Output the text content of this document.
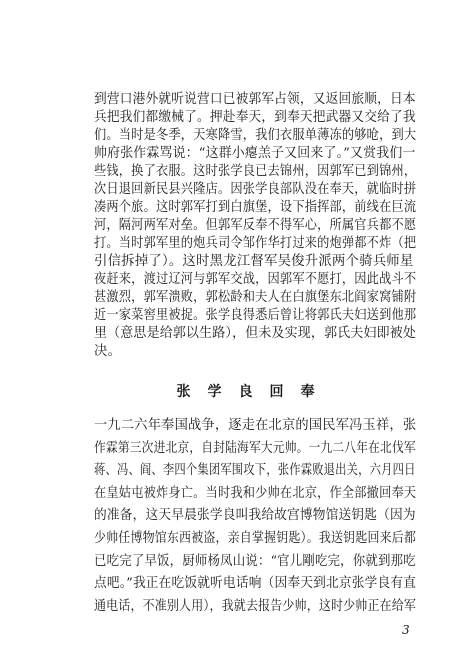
到营口港外就听说营口已被郭军占领，又返回旅顺，日本
兵把我们都缴械了。押赴奉天，到奉天把武器又交给了我
们。当时是冬季，天寒降雪，我们衣服单薄冻的够呛，到大
帅府张作霖骂说：“这群小瘪羔子又回来了。”又赏我们一
些钱，换了衣服。这时张学良已去锦州，因郭军已到锦州，
次日退回新民县兴隆店。因张学良部队没在奉天，就临时拼
凑两个旅。这时郭军打到白旗堡，设下指挥部，前线在巨流
河，隔河两军对垒。但郭军反奉不得军心，所属官兵都不愿
打。当时郭军里的炮兵司令邹作华打过来的炮弹都不炸（把
引信拆掉了）。这时黑龙江督军吴俊升派两个骑兵师星
夜赶来，渡过辽河与郭军交战，因郭军不愿打，因此战斗不
甚激烈，郭军溃败，郭松龄和夫人在白旗堡东北阎家窝铺附
近一家菜窖里被捉。张学良得悉后曾让将郭氏夫妇送到他那
里（意思是给郭以生路），但未及实现，郭氏夫妇即被处
决。
张学良回奉
一九二六年奉国战争，逐走在北京的国民军冯玉祥，张
作霖第三次进北京，自封陆海军大元帅。一九二八年在北伐军
蒋、冯、阎、李四个集团军围攻下，张作霖败退出关，六月四日
在皇姑屯被炸身亡。当时我和少帅在北京，作全部撤回奉天
的准备，这天早晨张学良叫我给故宫博物馆送钥匙（因为
少帅任博物馆东西被盗，亲自掌握钥匙）。我送钥匙回来后都
已吃完了早饭，厨师杨凤山说：“官儿剛吃完，你就到那吃
点吧。”我正在吃饭就听电话响（因奉天到北京张学良有直
通电话，不准别人用），我就去报告少帅，这时少帅正在给军
3
